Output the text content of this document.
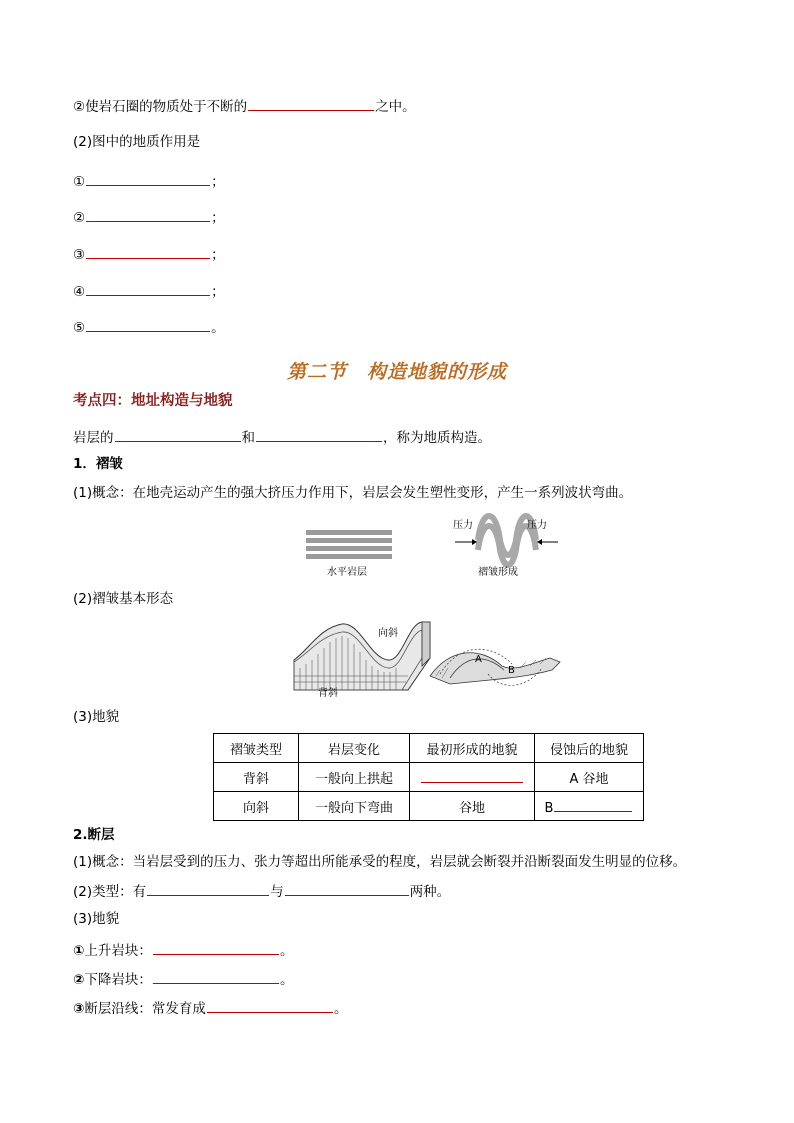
②使岩石圈的物质处于不断的	之中。
(2)图中的地质作用是
①	；
②	；
③	；
④	；
⑤	。
第二节　构造地貌的形成
考点四：地址构造与地貌
岩层的	和	，称为地质构造。
1．褶皱
(1)概念：在地壳运动产生的强大挤压力作用下，岩层会发生塑性变形，产生一系列波状弯曲。
压力	压力
水平岩层	褶皱形成
(2)褶皱基本形态
向斜
背斜
A
B
(3)地貌
褶皱类型	岩层变化	最初形成的地貌	侵蚀后的地貌
背斜	一般向上拱起		A 谷地
向斜	一般向下弯曲	谷地	B
2.断层
(1)概念：当岩层受到的压力、张力等超出所能承受的程度，岩层就会断裂并沿断裂面发生明显的位移。
(2)类型：有	与	两种。
(3)地貌
①上升岩块：	。
②下降岩块：	。
③断层沿线：常发育成	。
